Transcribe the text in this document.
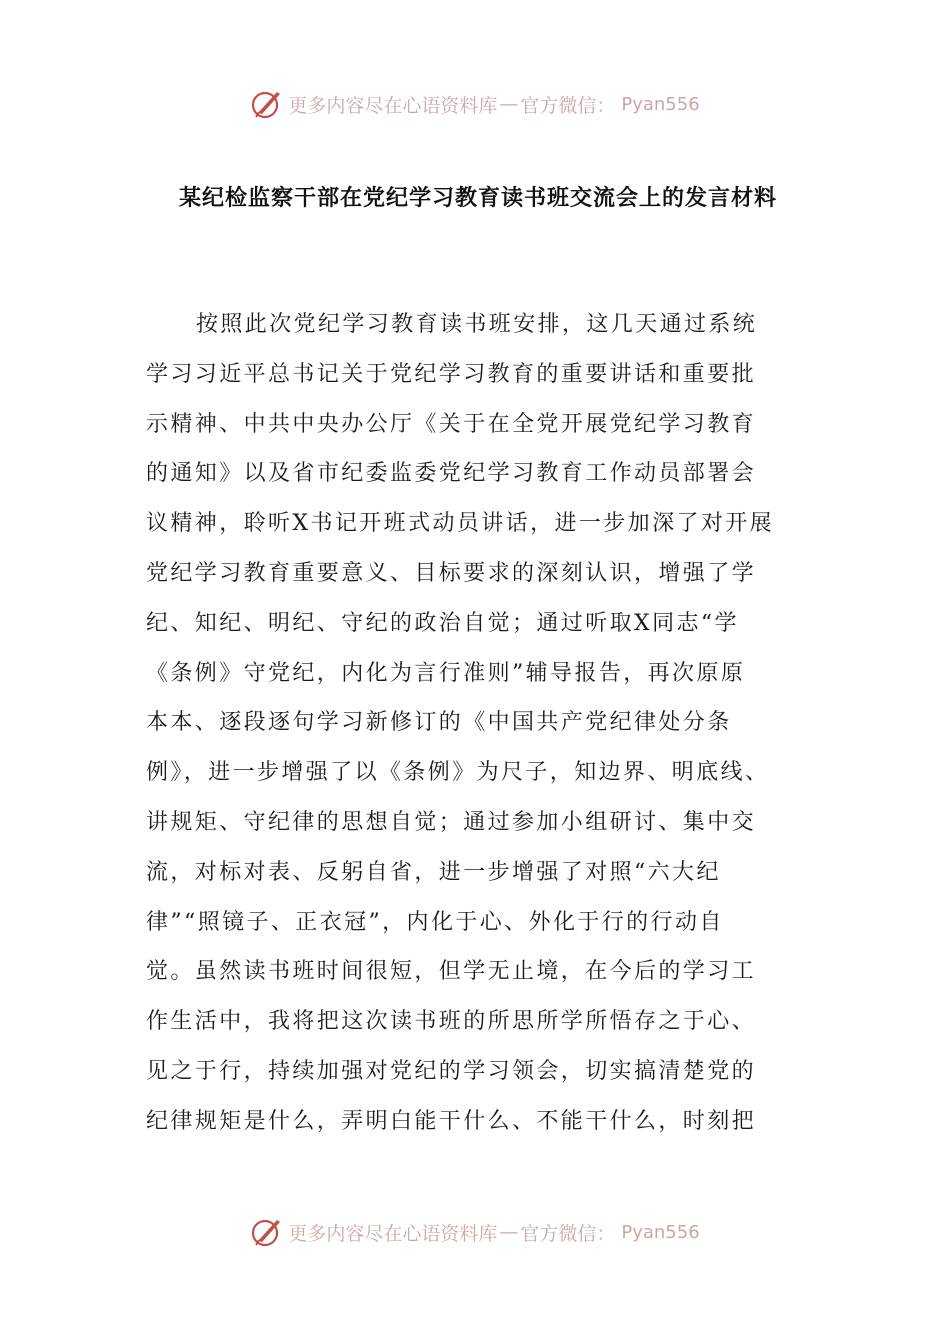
更多内容尽在心语资料库 — 官方微信： Pyan556
某纪检监察干部在党纪学习教育读书班交流会上的发言材料
按照此次党纪学习教育读书班安排，这几天通过系统
学习习近平总书记关于党纪学习教育的重要讲话和重要批
示精神、中共中央办公厅《关于在全党开展党纪学习教育
的通知》以及省市纪委监委党纪学习教育工作动员部署会
议精神，聆听X书记开班式动员讲话，进一步加深了对开展
党纪学习教育重要意义、目标要求的深刻认识，增强了学
纪、知纪、明纪、守纪的政治自觉；通过听取X同志“学
《条例》守党纪，内化为言行准则”辅导报告，再次原原
本本、逐段逐句学习新修订的《中国共产党纪律处分条
例》，进一步增强了以《条例》为尺子，知边界、明底线、
讲规矩、守纪律的思想自觉；通过参加小组研讨、集中交
流，对标对表、反躬自省，进一步增强了对照“六大纪
律”“照镜子、正衣冠”，内化于心、外化于行的行动自
觉。虽然读书班时间很短，但学无止境，在今后的学习工
作生活中，我将把这次读书班的所思所学所悟存之于心、
见之于行，持续加强对党纪的学习领会，切实搞清楚党的
纪律规矩是什么，弄明白能干什么、不能干什么，时刻把
更多内容尽在心语资料库 — 官方微信： Pyan556
